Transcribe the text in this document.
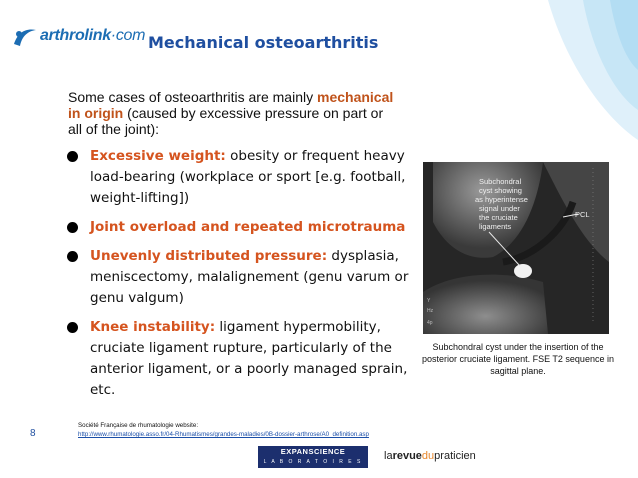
arthrolink·com Mechanical osteoarthritis
Some cases of osteoarthritis are mainly mechanical in origin (caused by excessive pressure on part or all of the joint):
Excessive weight: obesity or frequent heavy load-bearing (workplace or sport [e.g. football, weight-lifting])
Joint overload and repeated microtrauma
Unevenly distributed pressure: dysplasia, meniscectomy, malalignement (genu varum or genu valgum)
Knee instability: ligament hypermobility, cruciate ligament rupture, particularly of the anterior ligament, or a poorly managed sprain, etc.
Subchondral
cyst showing
as hyperintense
signal under
the cruciate
ligaments
PCL
Y
Hz
4p
Subchondral cyst under the insertion of the posterior cruciate ligament. FSE T2 sequence in sagittal plane.
Société Française de rhumatologie website:
http://www.rhumatologie.asso.fr/04-Rhumatismes/grandes-maladies/0B-dossier-arthrose/A0_definition.asp
8
EXPANSCIENCE
L A B O R A T O I R E S	larevuedupraticien
